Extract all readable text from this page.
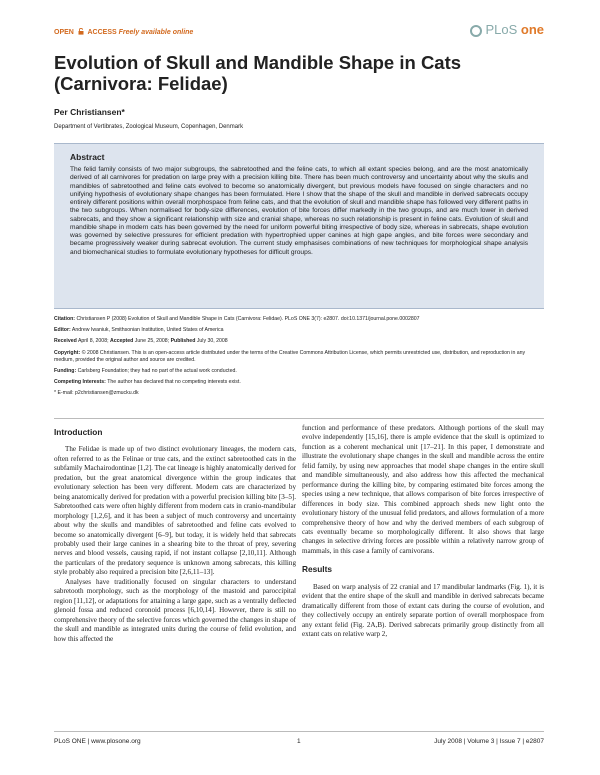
OPEN ACCESS Freely available online	PLoS one
Evolution of Skull and Mandible Shape in Cats (Carnivora: Felidae)
Per Christiansen*
Department of Vertibrates, Zoological Museum, Copenhagen, Denmark
Abstract
The felid family consists of two major subgroups, the sabretoothed and the feline cats, to which all extant species belong, and are the most anatomically derived of all carnivores for predation on large prey with a precision killing bite. There has been much controversy and uncertainty about why the skulls and mandibles of sabretoothed and feline cats evolved to become so anatomically divergent, but previous models have focused on single characters and no unifying hypothesis of evolutionary shape changes has been formulated. Here I show that the shape of the skull and mandible in derived sabrecats occupy entirely different positions within overall morphospace from feline cats, and that the evolution of skull and mandible shape has followed very different paths in the two subgroups. When normalised for body-size differences, evolution of bite forces differ markedly in the two groups, and are much lower in derived sabrecats, and they show a significant relationship with size and cranial shape, whereas no such relationship is present in feline cats. Evolution of skull and mandible shape in modern cats has been governed by the need for uniform powerful biting irrespective of body size, whereas in sabrecats, shape evolution was governed by selective pressures for efficient predation with hypertrophied upper canines at high gape angles, and bite forces were secondary and became progressively weaker during sabrecat evolution. The current study emphasises combinations of new techniques for morphological shape analysis and biomechanical studies to formulate evolutionary hypotheses for difficult groups.
Citation: Christiansen P (2008) Evolution of Skull and Mandible Shape in Cats (Carnivora: Felidae). PLoS ONE 3(7): e2807. doi:10.1371/journal.pone.0002807
Editor: Andrew Iwaniuk, Smithsonian Institution, United States of America
Received April 8, 2008; Accepted June 25, 2008; Published July 30, 2008
Copyright: © 2008 Christiansen. This is an open-access article distributed under the terms of the Creative Commons Attribution License, which permits unrestricted use, distribution, and reproduction in any medium, provided the original author and source are credited.
Funding: Carlsberg Foundation; they had no part of the actual work conducted.
Competing Interests: The author has declared that no competing interests exist.
* E-mail: p2christiansen@zmucku.dk
Introduction

The Felidae is made up of two distinct evolutionary lineages, the modern cats, often referred to as the Felinae or true cats, and the extinct sabretoothed cats in the subfamily Machairodontinae [1,2]. The cat lineage is highly anatomically derived for predation, but the great anatomical divergence within the group indicates that evolutionary selection has been very different. Modern cats are characterized by being anatomically derived for predation with a powerful precision killing bite [3–5]. Sabretoothed cats were often highly different from modern cats in cranio-mandibular morphology [1,2,6], and it has been a subject of much controversy and uncertainty about why the skulls and mandibles of sabretoothed and feline cats evolved to become so anatomically divergent [6–9], but today, it is widely held that sabrecats probably used their large canines in a shearing bite to the throat of prey, severing nerves and blood vessels, causing rapid, if not instant collapse [2,10,11]. Although the particulars of the predatory sequence is unknown among sabrecats, this killing style probably also required a precision bite [2,6,11–13].

Analyses have traditionally focused on singular characters to understand sabretooth morphology, such as the morphology of the mastoid and paroccipital region [11,12], or adaptations for attaining a large gape, such as a ventrally deflected glenoid fossa and reduced coronoid process [6,10,14]. However, there is still no comprehensive theory of the selective forces which governed the changes in shape of the skull and mandible as integrated units during the course of felid evolution, and how this affected the

function and performance of these predators. Although portions of the skull may evolve independently [15,16], there is ample evidence that the skull is optimized to function as a coherent mechanical unit [17–21]. In this paper, I demonstrate and illustrate the evolutionary shape changes in the skull and mandible across the entire felid family, by using new approaches that model shape changes in the entire skull and mandible simultaneously, and also address how this affected the mechanical performance during the killing bite, by comparing estimated bite forces among the species using a new technique, that allows comparison of bite forces irrespective of differences in body size. This combined approach sheds new light onto the evolutionary history of the unusual felid predators, and allows formulation of a more comprehensive theory of how and why the derived members of each subgroup of cats eventually became so morphologically different. It also shows that large changes in selective driving forces are possible within a relatively narrow group of mammals, in this case a family of carnivorans.

Results

Based on warp analysis of 22 cranial and 17 mandibular landmarks (Fig. 1), it is evident that the entire shape of the skull and mandible in derived sabrecats became dramatically different from those of extant cats during the course of evolution, and they collectively occupy an entirely separate portion of overall morphospace from any extant felid (Fig. 2A,B). Derived sabrecats primarily group distinctly from all extant cats on relative warp 2,

PLoS ONE | www.plosone.org	1	July 2008 | Volume 3 | Issue 7 | e2807
